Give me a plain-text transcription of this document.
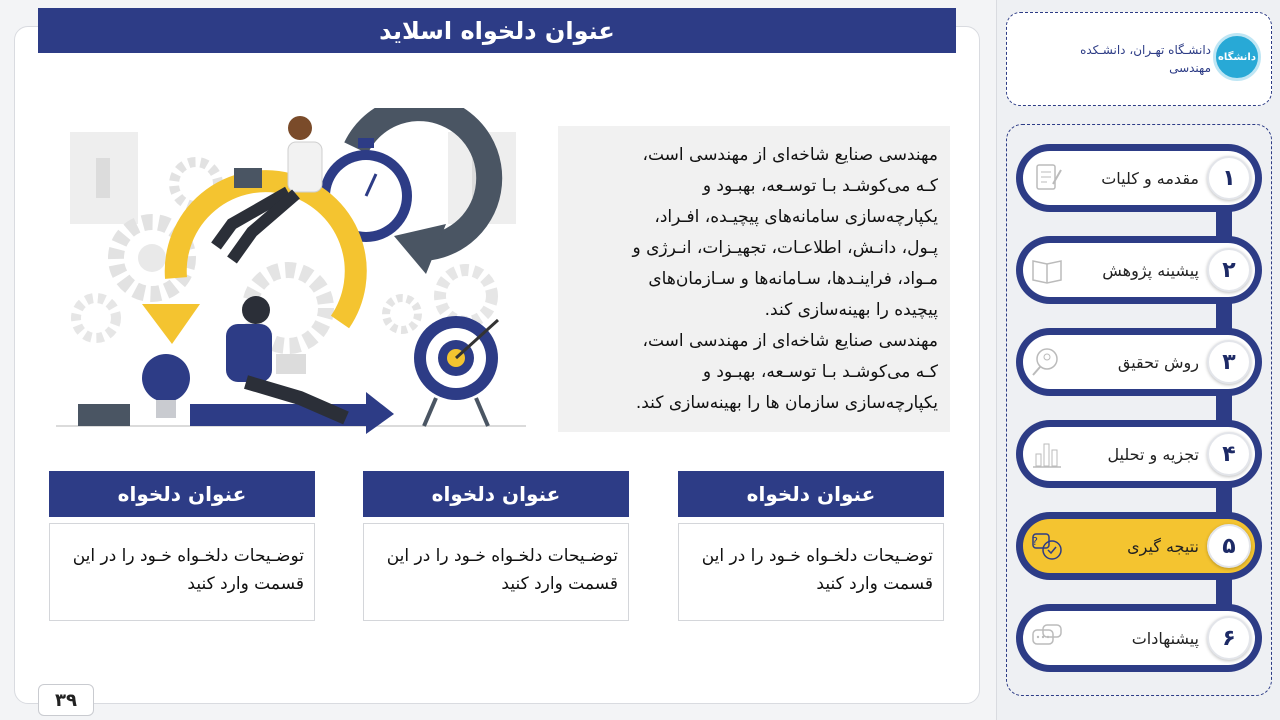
عنوان دلخواه اسلاید
مهندسی صنایع شاخه‌ای از مهندسی است،
کـه می‌کوشـد بـا توسـعه، بهبـود و
یکپارچه‌سازی سامانه‌های پیچیـده، افـراد،
پـول، دانـش، اطلاعـات، تجهیـزات، انـرژی و
مـواد، فراینـدها، سـامانه‌ها و سـازمان‌های
پیچیده را بهینه‌سازی کند.
مهندسی صنایع شاخه‌ای از مهندسی است،
کـه می‌کوشـد بـا توسـعه، بهبـود و
یکپارچه‌سازی سازمان ها را بهینه‌سازی کند.
عنوان دلخواه
توضـیحات دلخـواه خـود را در این قسمت وارد کنید
عنوان دلخواه
توضـیحات دلخـواه خـود را در این قسمت وارد کنید
عنوان دلخواه
توضـیحات دلخـواه خـود را در این قسمت وارد کنید
۳۹
دانشـگاه تهـران، دانشـکده مهندسی
دانشگاه
۱
مقدمه و کلیات
۲
پیشینه پژوهش
۳
روش تحقیق
۴
تجزیه و تحلیل
۵
نتیجه گیری
?
۶
پیشنهادات
